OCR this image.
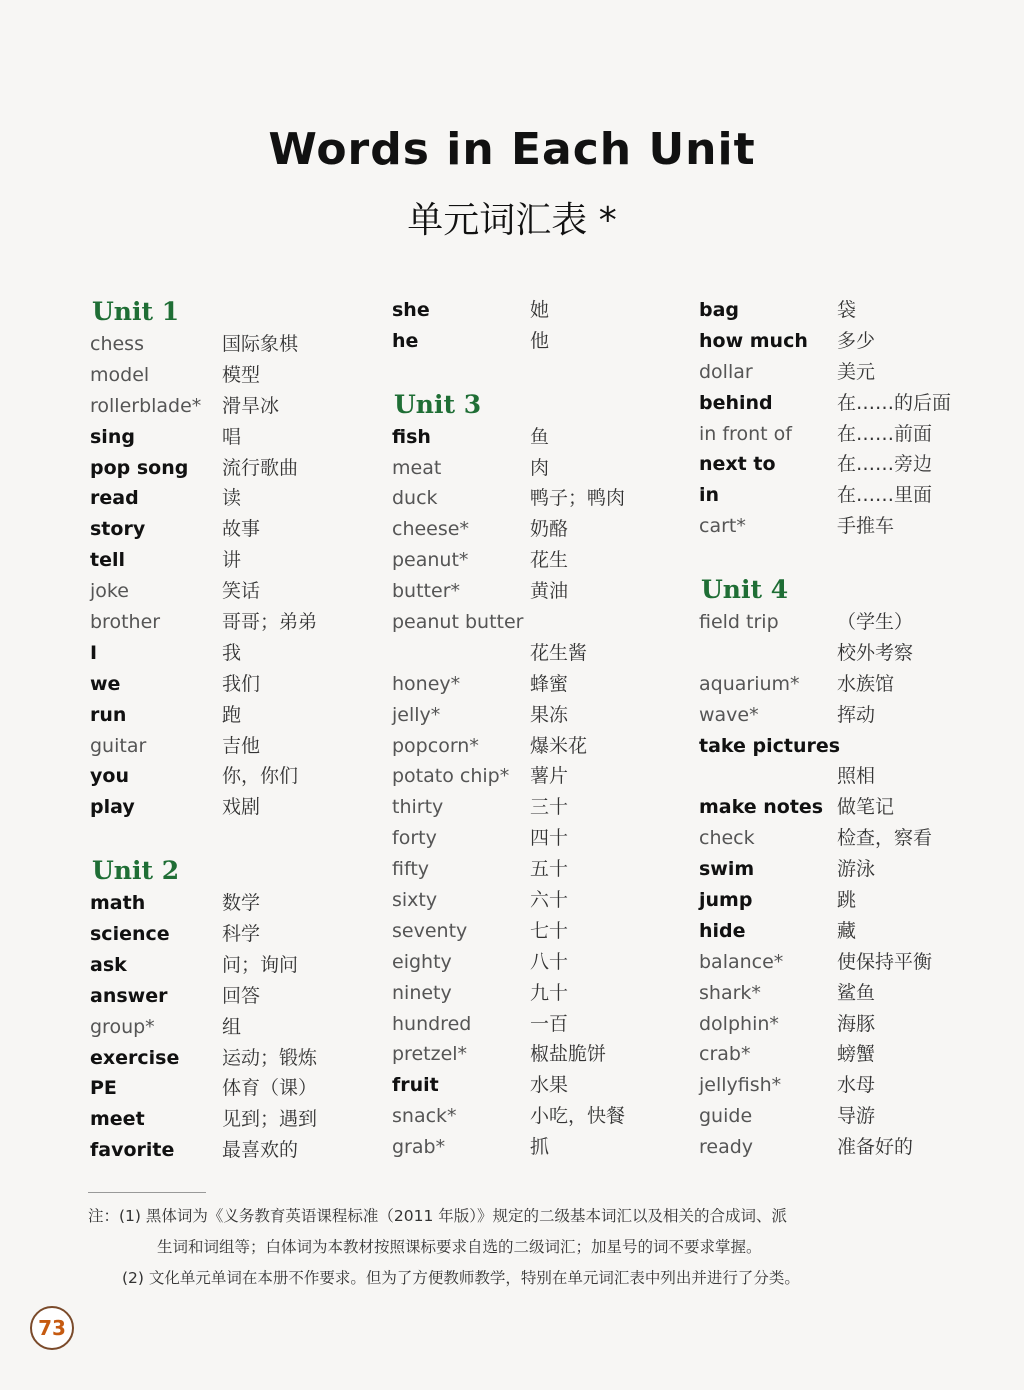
Words in Each Unit
单元词汇表 *
Unit 1
chess	国际象棋
model	模型
rollerblade* 滑旱冰
sing	唱
pop song 流行歌曲
read	读
story	故事
tell	讲
joke	笑话
brother	哥哥；弟弟
I	我
we	我们
run	跑
guitar	吉他
you	你，你们
play	戏剧
Unit 2
math	数学
science	科学
ask	问；询问
answer	回答
group*	组
exercise 运动；锻炼
PE	体育（课）
meet	见到；遇到
favorite	最喜欢的
she	她
he	他
Unit 3
fish	鱼
meat	肉
duck	鸭子；鸭肉
cheese*	奶酪
peanut*	花生
butter*	黄油
peanut butter
花生酱
honey*	蜂蜜
jelly*	果冻
popcorn*	爆米花
potato chip* 薯片
thirty	三十
forty	四十
fifty	五十
sixty	六十
seventy	七十
eighty	八十
ninety	九十
hundred	一百
pretzel*	椒盐脆饼
fruit	水果
snack*	小吃，快餐
grab*	抓
bag	袋
how much 多少
dollar	美元
behind	在……的后面
in front of 在……前面
next to	在……旁边
in	在……里面
cart*	手推车
Unit 4
field trip	（学生）
校外考察
aquarium* 水族馆
wave*	挥动
take pictures
照相
make notes 做笔记
check	检查，察看
swim	游泳
jump	跳
hide	藏
balance*	使保持平衡
shark*	鲨鱼
dolphin*	海豚
crab*	螃蟹
jellyfish*	水母
guide	导游
ready	准备好的
注：(1) 黑体词为《义务教育英语课程标准（2011 年版）》规定的二级基本词汇以及相关的合成词、派
生词和词组等；白体词为本教材按照课标要求自选的二级词汇；加星号的词不要求掌握。
(2) 文化单元单词在本册不作要求。但为了方便教师教学，特别在单元词汇表中列出并进行了分类。
73
